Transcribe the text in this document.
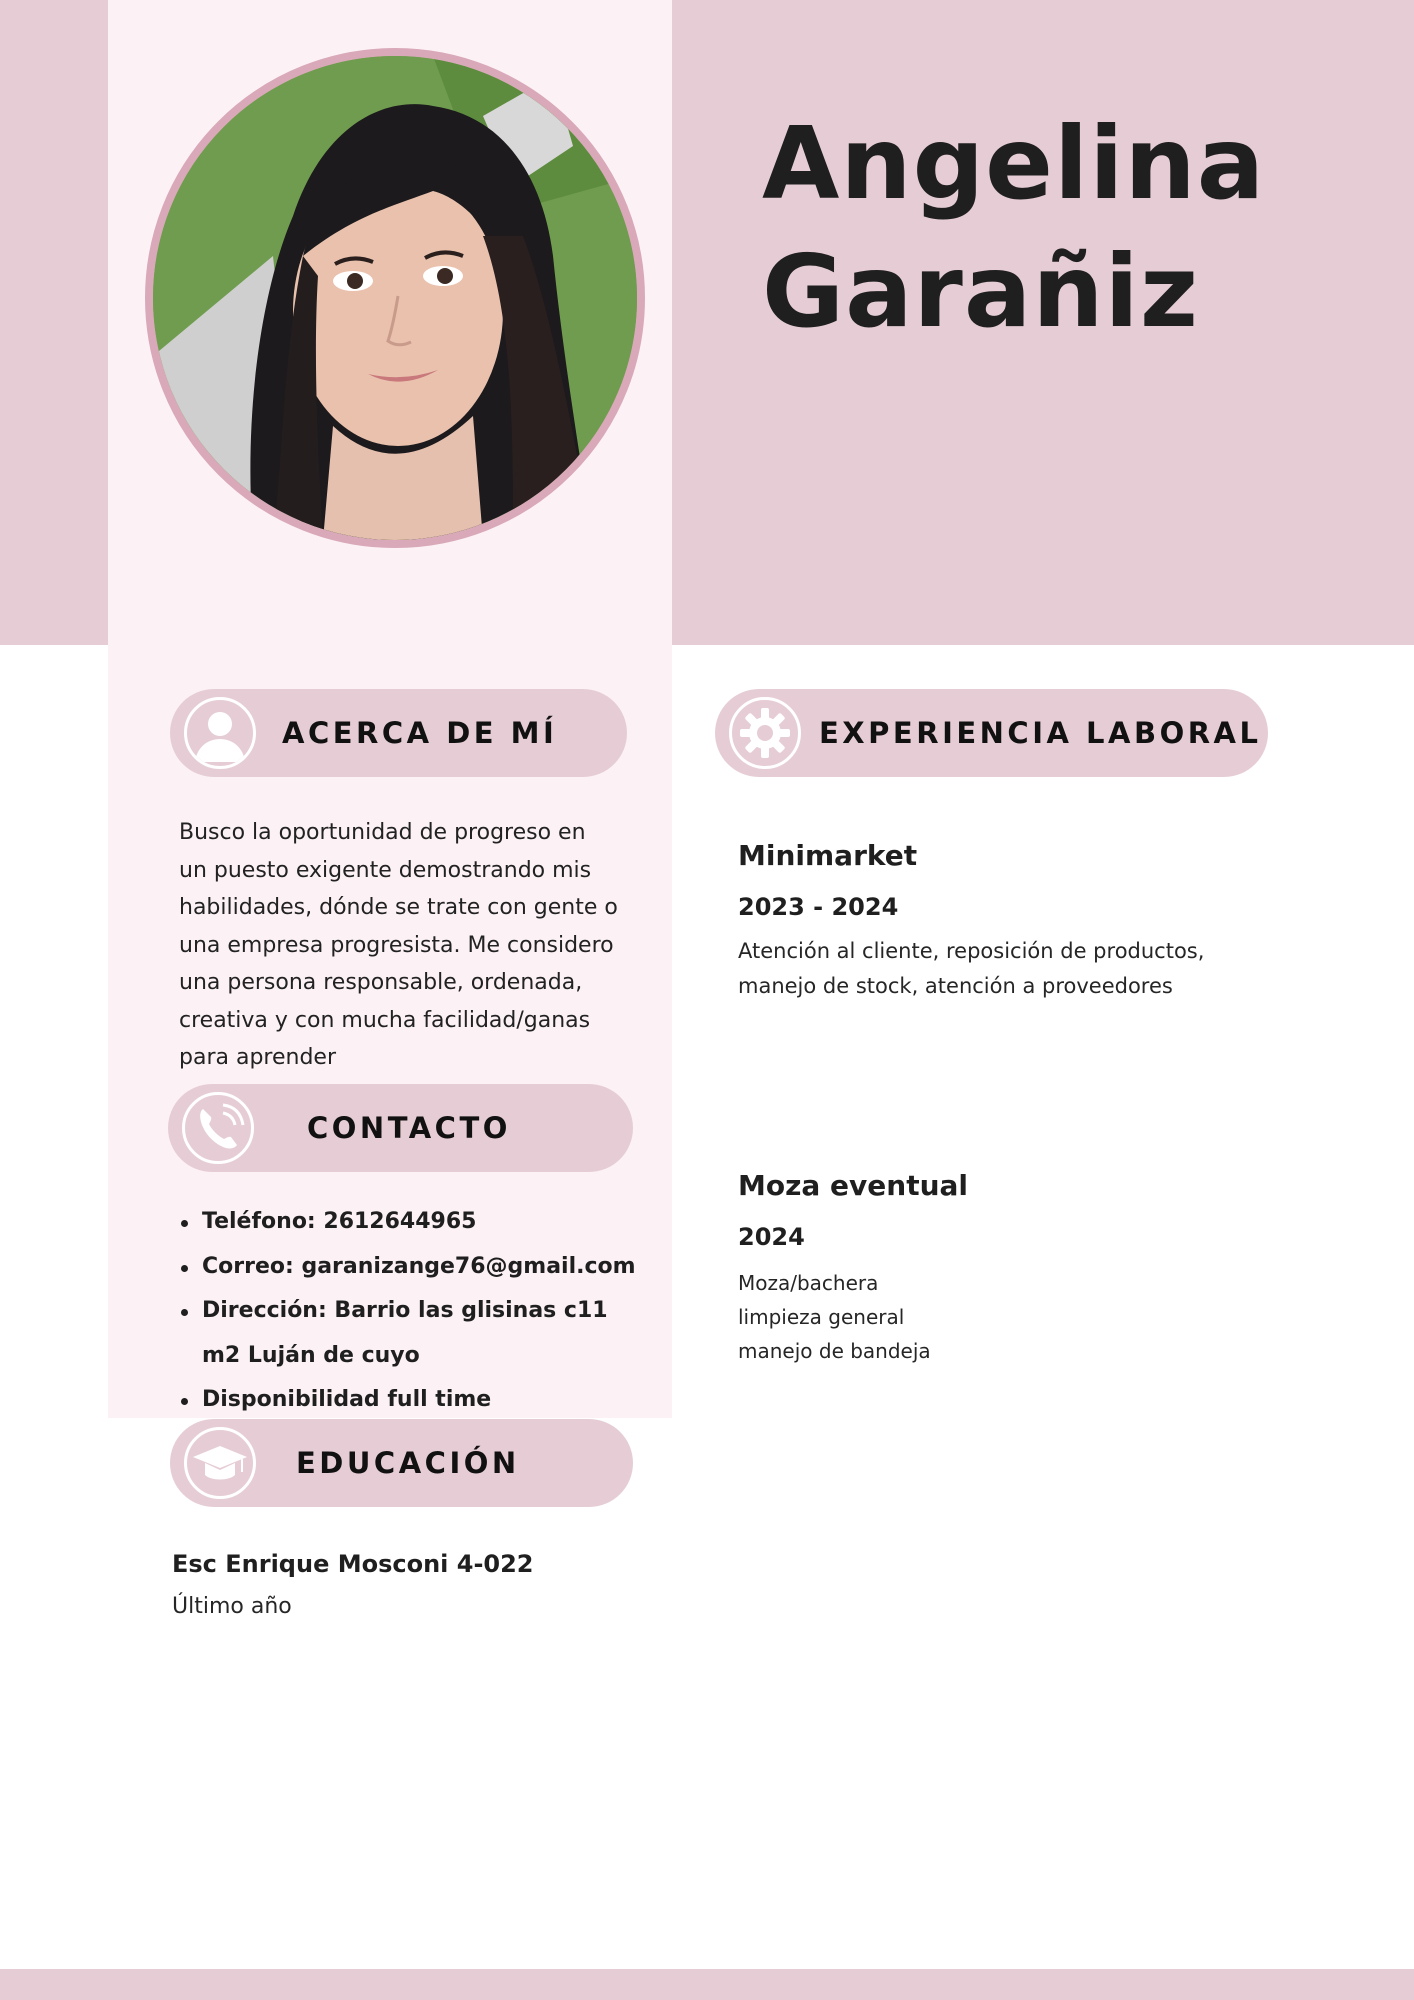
Angelina
Garañiz
ACERCA DE MÍ

Busco la oportunidad de progreso en un puesto exigente demostrando mis habilidades, dónde se trate con gente o una empresa progresista. Me considero una persona responsable, ordenada, creativa y con mucha facilidad/ganas para aprender

CONTACTO
Teléfono: 2612644965
Correo: garanizange76@gmail.com
Dirección: Barrio las glisinas c11 m2 Luján de cuyo
Disponibilidad full time
EDUCACIÓN

Esc Enrique Mosconi 4-022

Último año

EXPERIENCIA LABORAL

Minimarket

2023 - 2024

Atención al cliente, reposición de productos, manejo de stock, atención a proveedores

Moza eventual

2024

Moza/bachera
limpieza general
manejo de bandeja
